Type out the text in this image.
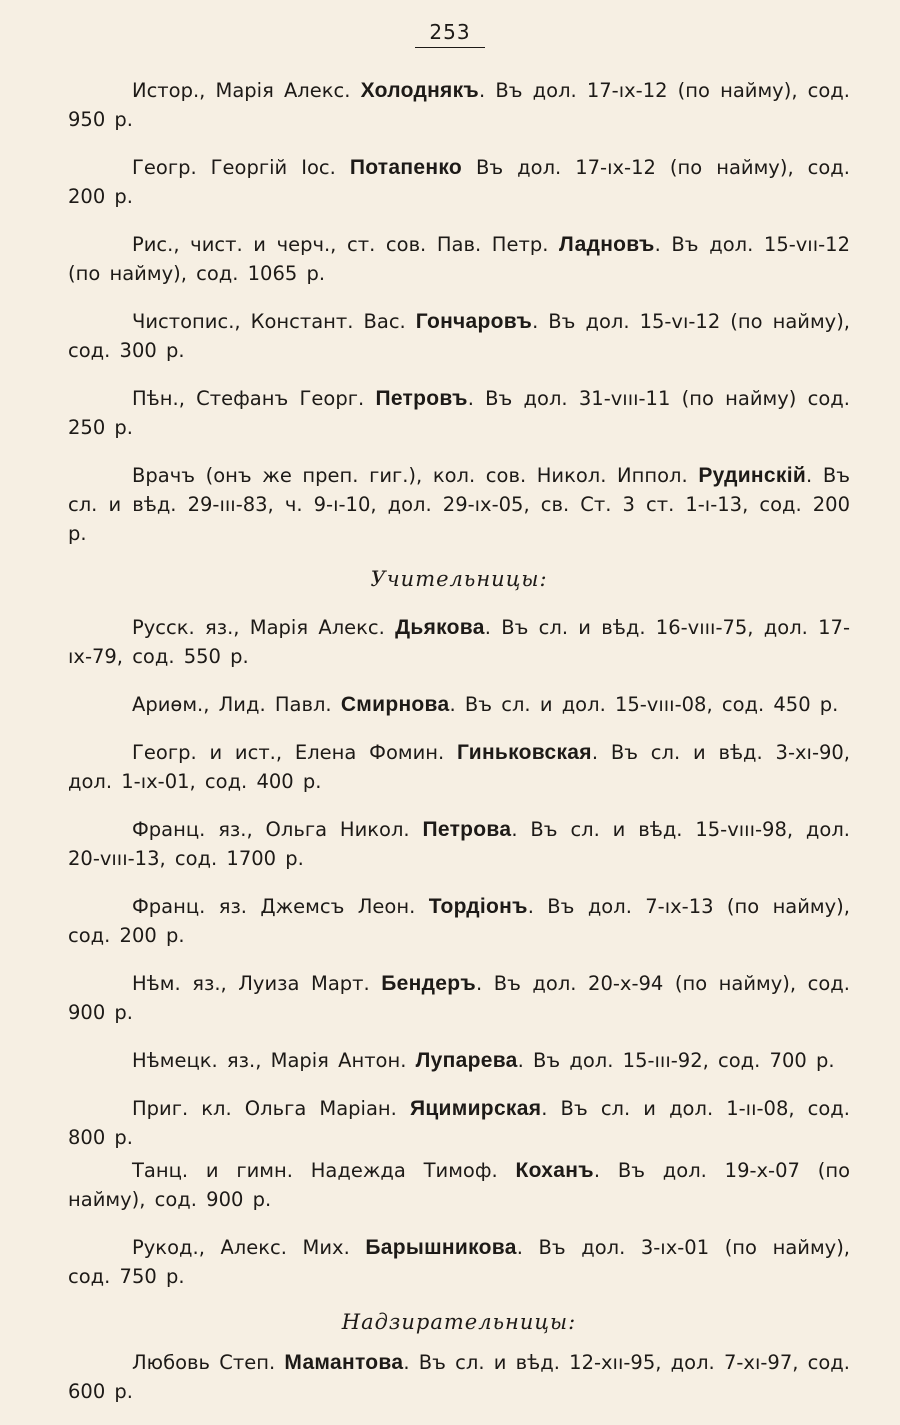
253

Истор., Марія Алекс. Холоднякъ. Въ дол. 17-ıх-12 (по найму), сод. 950 р.

Геогр. Георгій Іос. Потапенко Въ дол. 17-ıх-12 (по найму), сод. 200 р.

Рис., чист. и черч., ст. сов. Пав. Петр. Ладновъ. Въ дол. 15-vıı-12 (по найму), сод. 1065 р.

Чистопис., Констант. Вас. Гончаровъ. Въ дол. 15-vı-12 (по найму), сод. 300 р.

Пѣн., Стефанъ Георг. Петровъ. Въ дол. 31-vııı-11 (по найму) сод. 250 р.

Врачъ (онъ же преп. гиг.), кол. сов. Никол. Иппол. Рудинскій. Въ сл. и вѣд. 29-ııı-83, ч. 9-ı-10, дол. 29-ıх-05, св. Ст. 3 ст. 1-ı-13, сод. 200 р.

Учительницы:

Русск. яз., Марія Алекс. Дьякова. Въ сл. и вѣд. 16-vııı-75, дол. 17-ıх-79, сод. 550 р.

Ариѳм., Лид. Павл. Смирнова. Въ сл. и дол. 15-vııı-08, сод. 450 р.

Геогр. и ист., Елена Фомин. Гиньковская. Въ сл. и вѣд. 3-хı-90, дол. 1-ıх-01, сод. 400 р.

Франц. яз., Ольга Никол. Петрова. Въ сл. и вѣд. 15-vııı-98, дол. 20-vııı-13, сод. 1700 р.

Франц. яз. Джемсъ Леон. Тордіонъ. Въ дол. 7-ıх-13 (по найму), сод. 200 р.

Нѣм. яз., Луиза Март. Бендеръ. Въ дол. 20-х-94 (по найму), сод. 900 р.

Нѣмецк. яз., Марія Антон. Лупарева. Въ дол. 15-ııı-92, сод. 700 р.

Приг. кл. Ольга Маріан. Яцимирская. Въ сл. и дол. 1-ıı-08, сод. 800 р.

Танц. и гимн. Надежда Тимоф. Коханъ. Въ дол. 19-х-07 (по найму), сод. 900 р.

Рукод., Алекс. Мих. Барышникова. Въ дол. 3-ıх-01 (по найму), сод. 750 р.

Надзирательницы:

Любовь Степ. Мамантова. Въ сл. и вѣд. 12-хıı-95, дол. 7-хı-97, сод. 600 р.
